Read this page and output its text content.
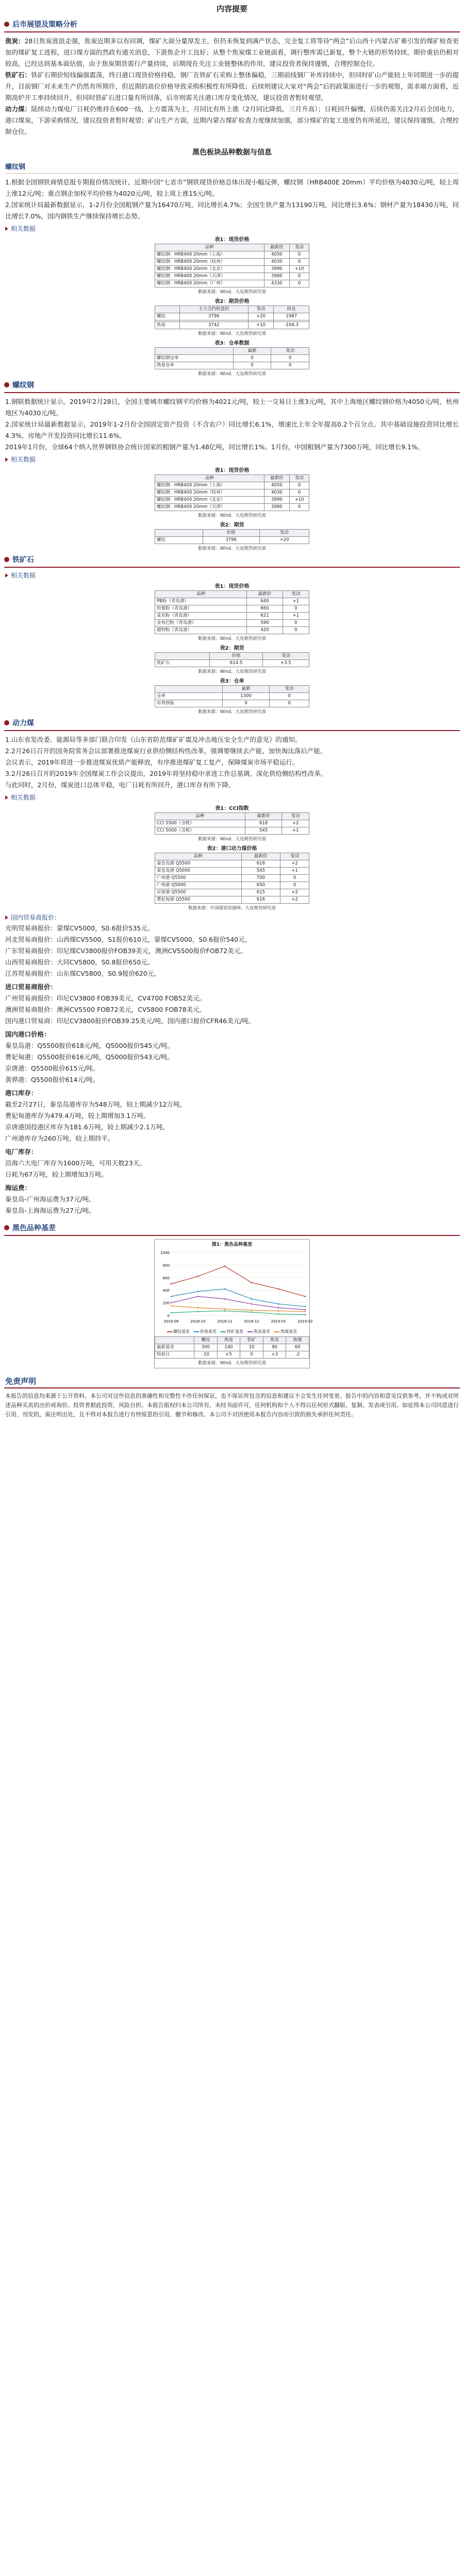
内容提要
后市展望及策略分析
焦炭：28日焦炭波浪走强，焦炭近期多以有回调，煤矿大面分量厚发主，但仍未恢复到满产状态，完全复工将等待“两会”后山西十内蒙古矿难引发的煤矿检查更加的煤矿复工进程，进口煤方面的然政有通关消息，下游焦企开工良好；从整个焦炭煤工业链面看，调行整库需已新复，整个大链的形势持续，期价重估仍相对较高，已经达到基本面估值，由于焦炭期货需行产量持续，后期现在关注工业链整体的作用，建议投资者保持谨慎，合理控制仓位。
铁矿石：铁矿石期价短线偏强震荡，终日港口现货价格持稳，钢厂在铁矿石采购上整体偏稳，三期前线钢厂补库持续中，但同时矿山产能较上年同期进一步的提升，目前钢厂对未来生产仍然有所期许，但近期的高位价格导致采购积极性有所降低；后续则建议大家对“两会”后的政策面进行一步的观察，需求端方面看，近期高炉开工率持续回升，但同时铁矿石进口量有所回落，后市则需关注港口库存变化情况，建议投资者暂时观望。
动力煤：陆续动力煤电厂日耗仍维持在600一线，上方震荡为主，月同比有所上涨（2月同比降低，三月升高）；日耗回升偏慢，后续仍需关注2月后全国电力，港口煤炭，下游采购情况，建议投资者暂时观望；矿山生产方面，近期内蒙古煤矿检查力度继续加强，部分煤矿的复工进度仍有所延迟，建议保持谨慎，合理控制仓位。
黑色板块品种数据与信息
螺纹钢
1.根据全国钢铁商情息报专期报价情况统计，近期中国“七省市”钢铁现货价格总体出现小幅反弹，螺纹钢（HRB400E 20mm）平均价格为4030元/吨，较上周上涨12元/吨；重点钢企加权平均价格为4020元/吨，较上周上涨15元/吨。
2.国家统计局最新数据显示，1-2月份全国粗钢产量为16470万吨，同比增长4.7%；全国生铁产量为13190万吨，同比增长3.6%；钢材产量为18430万吨，同比增长7.0%，国内钢铁生产继续保持增长态势。
相关数据
表1：现货价格
品种	最新价	变动
螺纹钢：HRB400 20mm（上海）	4050	0
螺纹钢：HRB400 20mm（杭州）	4030	0
螺纹钢：HRB400 20mm（北京）	3990	+10
螺纹钢：HRB400 20mm（天津）	3980	0
螺纹钢：HRB400 20mm（广州）	4330	0
数据来源：Wind、大连期货研究部
表2：期货价格
	主力合约收盘价	变动	持仓
螺纹	3796	+20	1987

热卷	3742	+10	-104.3
数据来源：Wind、大连期货研究部
表3：仓单数据
	最新	变动
螺纹钢仓单	0	0
热卷仓单	0	0
数据来源：Wind、大连期货研究部
螺纹钢
1.钢联数据统计显示，2019年2月28日，全国主要城市螺纹钢平均价格为4021元/吨，较上一交易日上涨3元/吨，其中上海地区螺纹钢价格为4050元/吨，杭州地区为4030元/吨。
2.国家统计局最新数据显示，2019年1-2月份全国固定资产投资（不含农户）同比增长6.1%，增速比上年全年提高0.2个百分点。其中基础设施投资同比增长4.3%，房地产开发投资同比增长11.6%。
2019年1月份，全球64个纳入世界钢铁协会统计国家的粗钢产量为1.48亿吨，同比增长1%。1月份，中国粗钢产量为7300万吨，同比增长9.1%。
相关数据
表1：现货价格
品种	最新价	变动
螺纹钢：HRB400 20mm（上海）	4050	0
螺纹钢：HRB400 20mm（杭州）	4030	0
螺纹钢：HRB400 20mm（北京）	3990	+10
螺纹钢：HRB400 20mm（天津）	3980	0
数据来源：Wind、大连期货研究部
表2：期货
	价格	变动
螺纹	3796	+20
数据来源：Wind、大连期货研究部
铁矿石
相关数据
表1：现货价格
品种	最新价	变动
PB粉（青岛港）	640	+1
纽曼粉（青岛港）	660	0
麦克粉（青岛港）	621	+1
金布巴粉（青岛港）	590	0
超特粉（青岛港）	420	0
数据来源：Wind、大连期货研究部
表2：期货
	价格	变动
铁矿石	614.5	+3.5
数据来源：Wind、大连期货研究部
表3：仓单
	最新	变动
仓单	1300	0
有效预报	0	0
数据来源：Wind、大连期货研究部
动力煤
1.山东省发改委、能源局等多部门联合印发《山东省防范煤矿矿震及冲击地压安全生产的意见》的通知。
2.2月26日召开的国务院常务会议部署推进煤炭行业供给侧结构性改革，强调要继续去产能，加快淘汰落后产能。
会议表示，2019年将进一步推进煤炭优质产能释放，有序推进煤矿复工复产，保障煤炭市场平稳运行。
3.2月26日召开的2019年全国煤炭工作会议提出，2019年将坚持稳中求进工作总基调，深化供给侧结构性改革。
与此同时，2月份，煤炭进口总体平稳，电厂日耗有所回升，港口库存有所下降。
相关数据
表1：CCI指数
品种	最新价	变动
CCI 5500（含税）	618	+2
CCI 5000（含税）	545	+1
数据来源：Wind、大连期货研究部
表2：港口动力煤价格
品种	最新价	变动
秦皇岛港 Q5500	618	+2
秦皇岛港 Q5000	545	+1
广州港 Q5500	700	0
广州港 Q5000	650	0
京唐港 Q5500	615	+2
曹妃甸港 Q5500	616	+2
数据来源：中国煤炭资源网、大连期货研究部
国内贸易商报价：
光明贸易商报价：蒙煤CV5000，S0.6报价535元。
河北贸易商报价：山西煤CV5500，S1报价610元，蒙煤CV5000，S0.6报价540元。
广东贸易商报价：印尼煤CV3800报价FOB39美元，澳洲CV5500报价FOB72美元。
山西贸易商报价：大同CV5800，S0.8报价650元。
江苏贸易商报价：山东煤CV5800，S0.9报价620元。
进口贸易商报价：
广州贸易商报价：印尼CV3800 FOB39美元，CV4700 FOB52美元。
澳洲贸易商报价：澳洲CV5500 FOB72美元，CV5800 FOB78美元。
国内港口贸易商：印尼CV3800报价FOB39.25美元/吨，国内港口报价CFR46美元/吨。
国内港口价格：
秦皇岛港：Q5500报价618元/吨，Q5000报价545元/吨。
曹妃甸港：Q5500报价616元/吨，Q5000报价543元/吨。
京唐港：Q5500报价615元/吨。
黄骅港：Q5500报价614元/吨。
港口库存：
截至2月27日，秦皇岛港库存为548万吨，较上期减少12万吨。
曹妃甸港库存为479.4万吨，较上期增加3.1万吨。
京唐港国投港区库存为181.6万吨，较上期减少2.1万吨。
广州港库存为260万吨，较上期持平。
电厂库存：
沿海六大电厂库存为1600万吨，可用天数23天。
日耗为67万吨，较上期增加3万吨。
海运费：
秦皇岛-广州海运费为37元/吨。
秦皇岛-上海海运费为27元/吨。
黑色品种基差
图1：黑色品种基差
0
200
400
600
800
1000
2018-09	2018-10	2018-11	2018-12	2019-01	2019-02
螺纹基差	热卷基差	铁矿基差	焦炭基差	焦煤基差
	螺纹	热卷	铁矿	焦炭	焦煤
最新基差	300	140	10	90	60
较前日	-10	+5	0	+3	-2
数据来源：Wind、大连期货研究部
免责声明
本报告的信息均来源于公开资料，本公司对这些信息的准确性和完整性不作任何保证，也不保证所包含的信息和建议不会发生任何变更。报告中的内容和意见仅供参考，并不构成对所述品种买卖的出价或询价。投资者据此投资，风险自担。本报告版权归本公司所有，未经书面许可，任何机构和个人不得以任何形式翻版、复制、发表或引用。如征得本公司同意进行引用、刊发的，需注明出处，且不得对本报告进行有悖原意的引用、删节和修改。本公司不对因使用本报告内容而引致的损失承担任何责任。
